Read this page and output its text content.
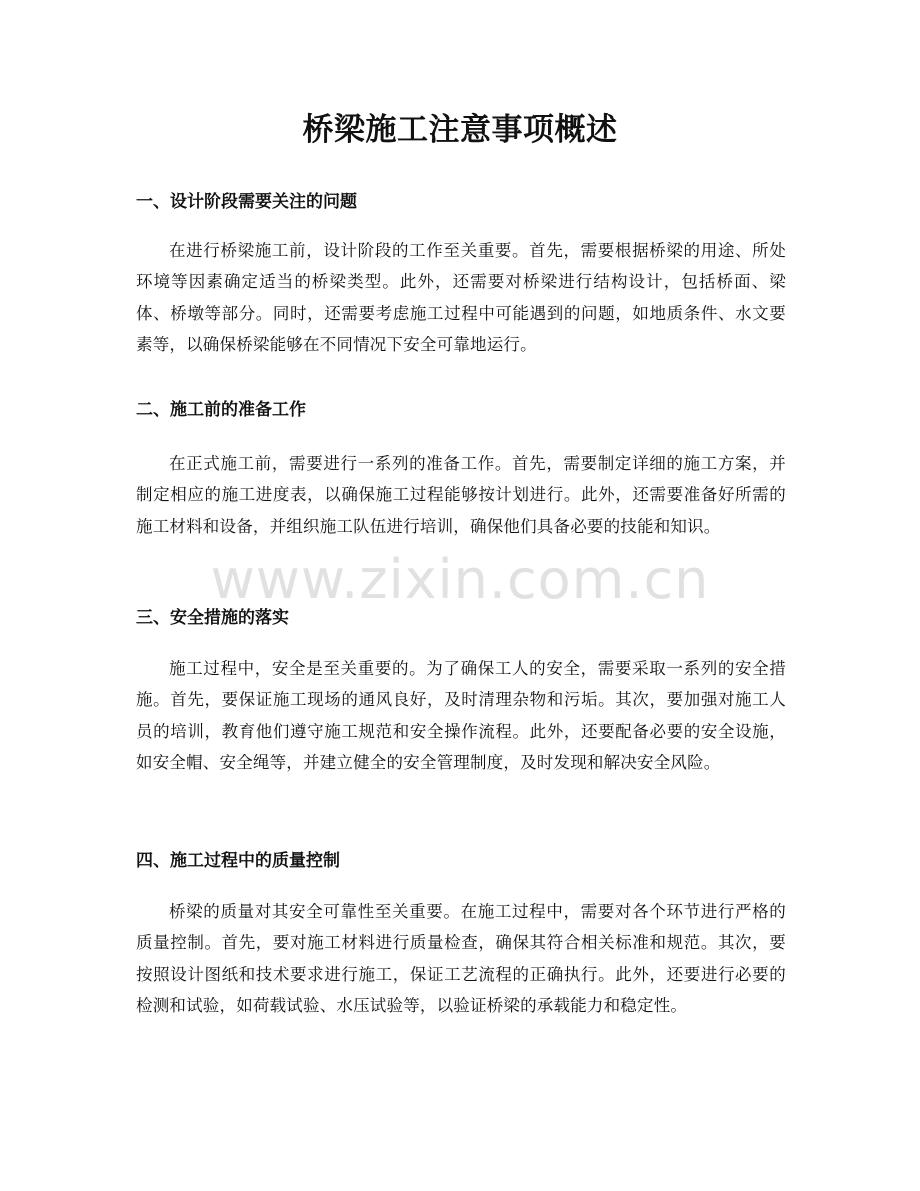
桥梁施工注意事项概述
一、设计阶段需要关注的问题

在进行桥梁施工前，设计阶段的工作至关重要。首先，需要根据桥梁的用途、所处环境等因素确定适当的桥梁类型。此外，还需要对桥梁进行结构设计，包括桥面、梁体、桥墩等部分。同时，还需要考虑施工过程中可能遇到的问题，如地质条件、水文要素等，以确保桥梁能够在不同情况下安全可靠地运行。

二、施工前的准备工作

在正式施工前，需要进行一系列的准备工作。首先，需要制定详细的施工方案，并制定相应的施工进度表，以确保施工过程能够按计划进行。此外，还需要准备好所需的施工材料和设备，并组织施工队伍进行培训，确保他们具备必要的技能和知识。

三、安全措施的落实

施工过程中，安全是至关重要的。为了确保工人的安全，需要采取一系列的安全措施。首先，要保证施工现场的通风良好，及时清理杂物和污垢。其次，要加强对施工人员的培训，教育他们遵守施工规范和安全操作流程。此外，还要配备必要的安全设施，如安全帽、安全绳等，并建立健全的安全管理制度，及时发现和解决安全风险。

四、施工过程中的质量控制

桥梁的质量对其安全可靠性至关重要。在施工过程中，需要对各个环节进行严格的质量控制。首先，要对施工材料进行质量检查，确保其符合相关标准和规范。其次，要按照设计图纸和技术要求进行施工，保证工艺流程的正确执行。此外，还要进行必要的检测和试验，如荷载试验、水压试验等，以验证桥梁的承载能力和稳定性。

www.zixin.com.cn
